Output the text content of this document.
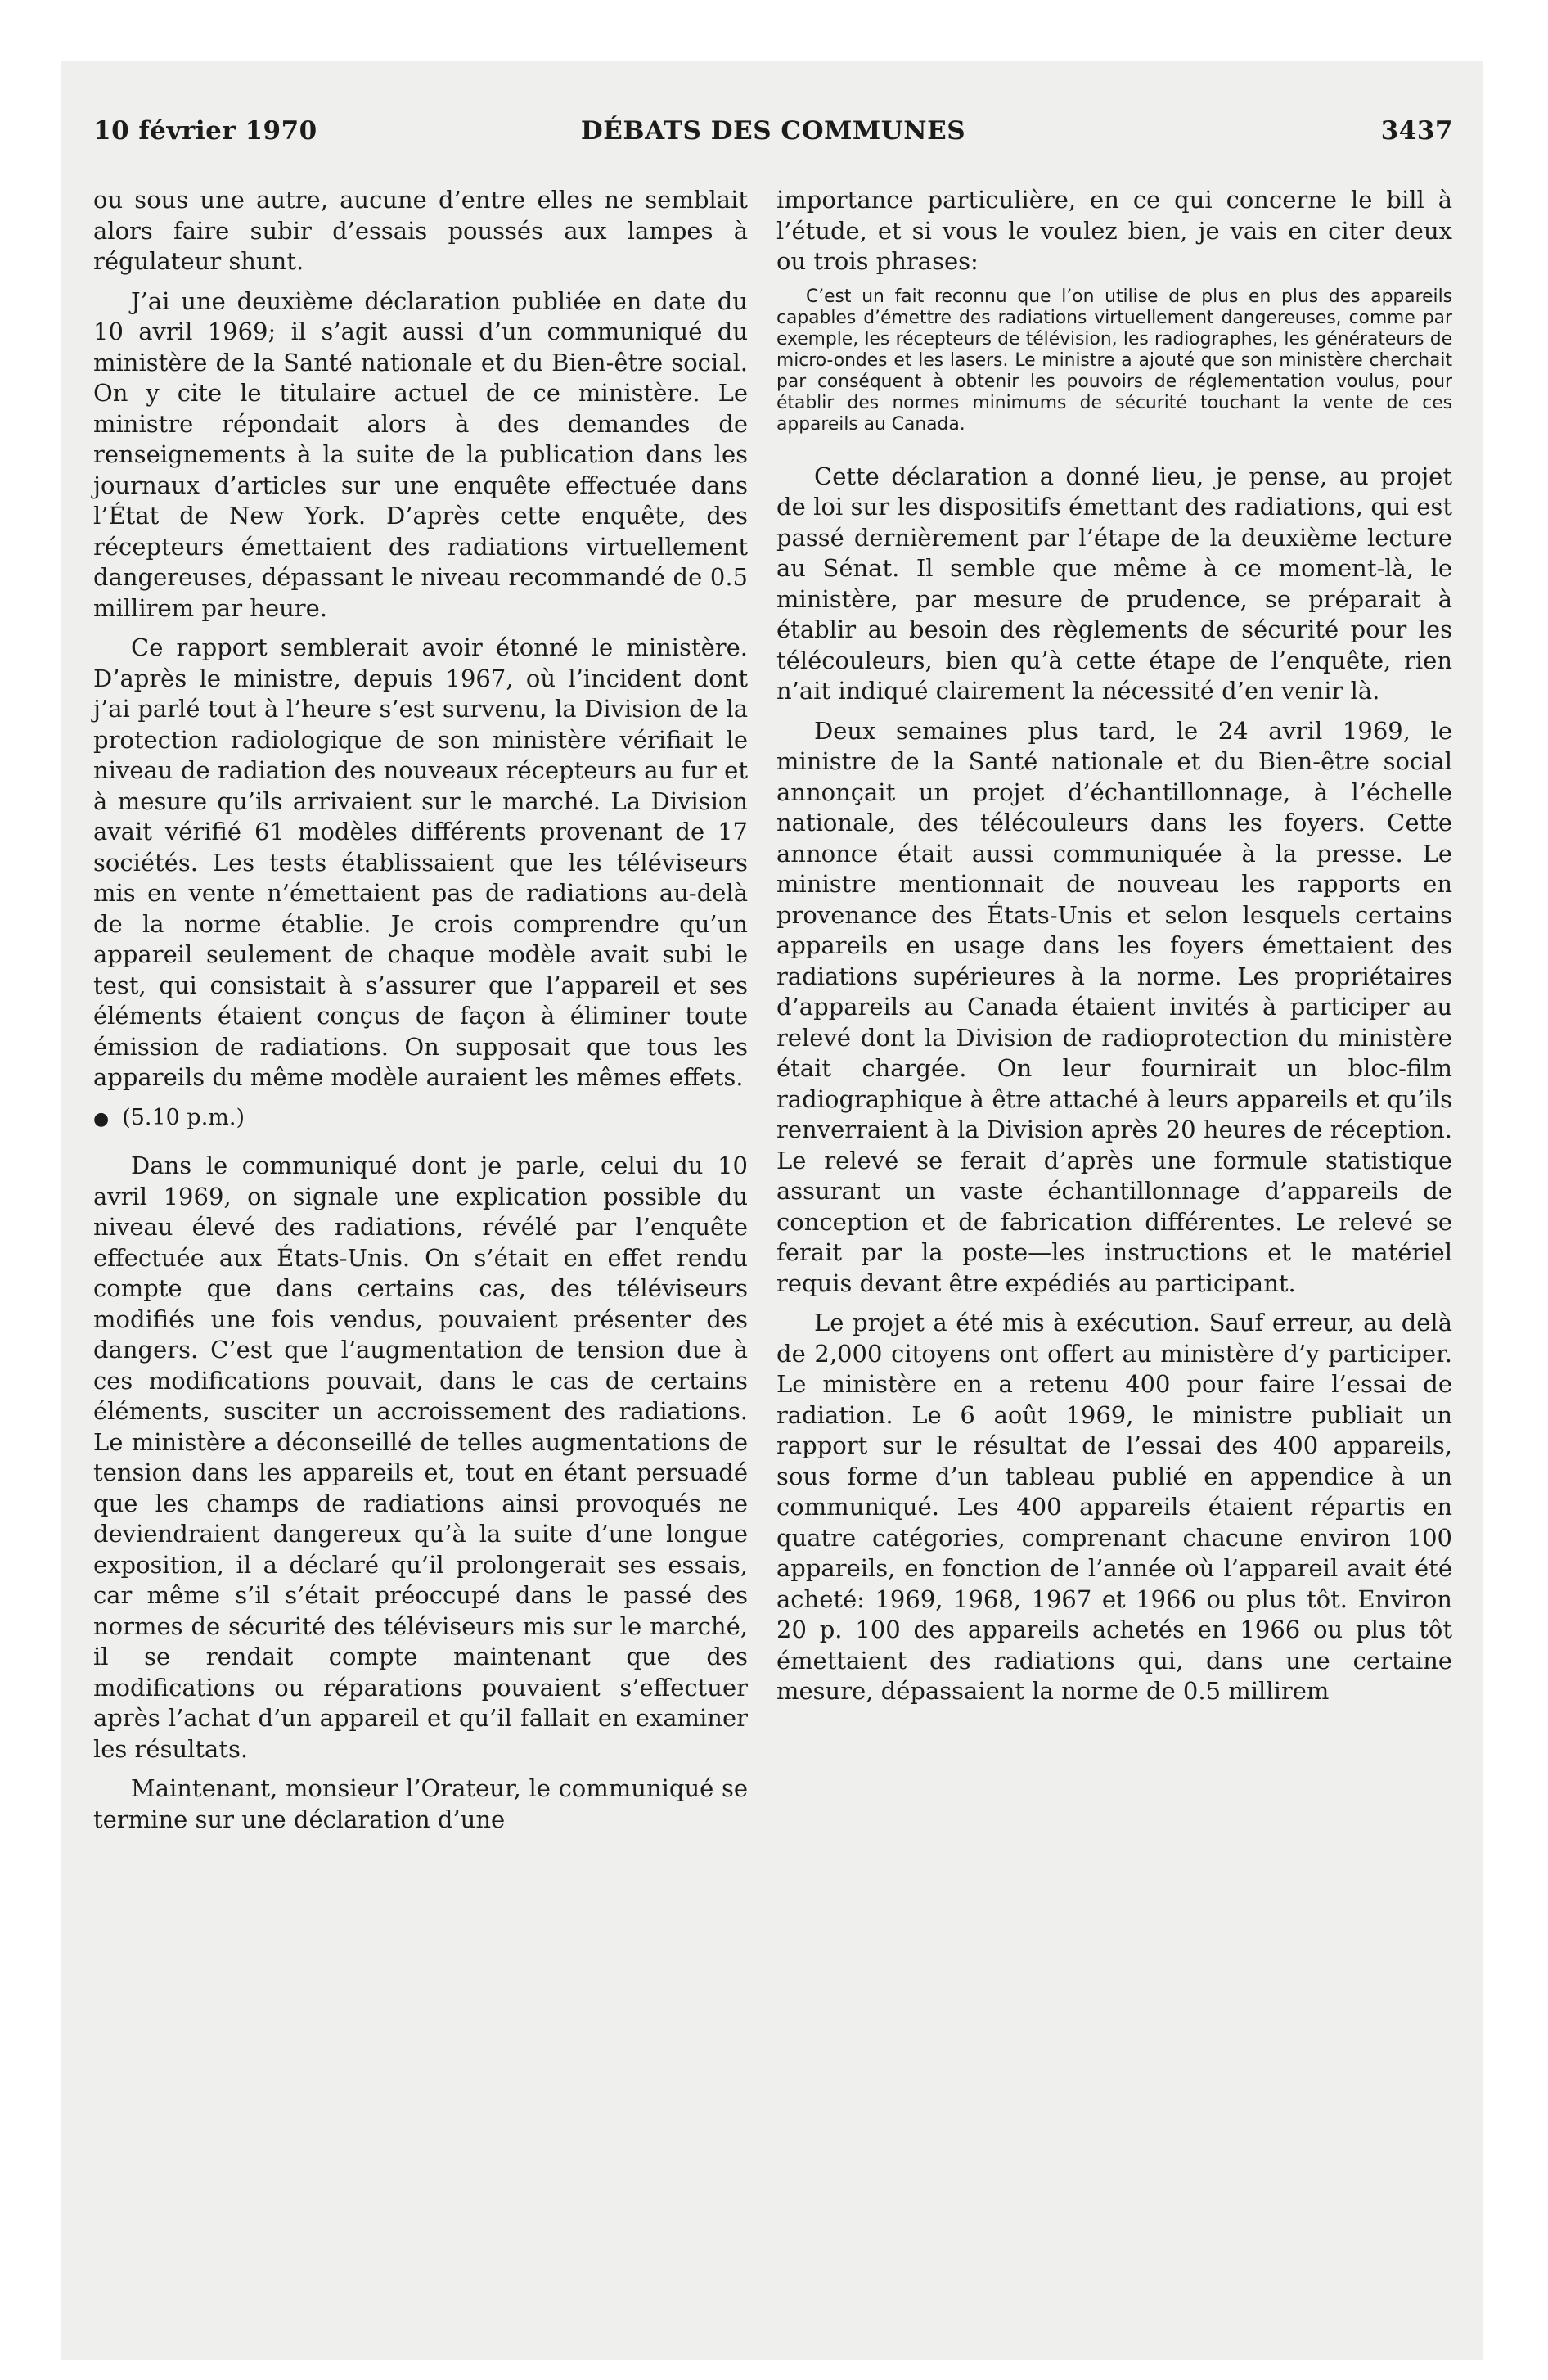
DÉBATS DES COMMUNES
10 février 1970	3437

ou sous une autre, aucune d’entre elles ne semblait alors faire subir d’essais poussés aux lampes à régulateur shunt.

J’ai une deuxième déclaration publiée en date du 10 avril 1969; il s’agit aussi d’un communiqué du ministère de la Santé nationale et du Bien-être social. On y cite le titulaire actuel de ce ministère. Le ministre répondait alors à des demandes de renseignements à la suite de la publication dans les journaux d’articles sur une enquête effectuée dans l’État de New York. D’après cette enquête, des récepteurs émettaient des radiations virtuellement dangereuses, dépassant le niveau recommandé de 0.5 millirem par heure.

Ce rapport semblerait avoir étonné le ministère. D’après le ministre, depuis 1967, où l’incident dont j’ai parlé tout à l’heure s’est survenu, la Division de la protection radiologique de son ministère vérifiait le niveau de radiation des nouveaux récepteurs au fur et à mesure qu’ils arrivaient sur le marché. La Division avait vérifié 61 modèles différents provenant de 17 sociétés. Les tests établissaient que les téléviseurs mis en vente n’émettaient pas de radiations au-delà de la norme établie. Je crois comprendre qu’un appareil seulement de chaque modèle avait subi le test, qui consistait à s’assurer que l’appareil et ses éléments étaient conçus de façon à éliminer toute émission de radiations. On supposait que tous les appareils du même modèle auraient les mêmes effets.

● (5.10 p.m.)

Dans le communiqué dont je parle, celui du 10 avril 1969, on signale une explication possible du niveau élevé des radiations, révélé par l’enquête effectuée aux États-Unis. On s’était en effet rendu compte que dans certains cas, des téléviseurs modifiés une fois vendus, pouvaient présenter des dangers. C’est que l’augmentation de tension due à ces modifications pouvait, dans le cas de certains éléments, susciter un accroissement des radiations. Le ministère a déconseillé de telles augmentations de tension dans les appareils et, tout en étant persuadé que les champs de radiations ainsi provoqués ne deviendraient dangereux qu’à la suite d’une longue exposition, il a déclaré qu’il prolongerait ses essais, car même s’il s’était préoccupé dans le passé des normes de sécurité des téléviseurs mis sur le marché, il se rendait compte maintenant que des modifications ou réparations pouvaient s’effectuer après l’achat d’un appareil et qu’il fallait en examiner les résultats.

Maintenant, monsieur l’Orateur, le communiqué se termine sur une déclaration d’une

importance particulière, en ce qui concerne le bill à l’étude, et si vous le voulez bien, je vais en citer deux ou trois phrases:

C’est un fait reconnu que l’on utilise de plus en plus des appareils capables d’émettre des radiations virtuellement dangereuses, comme par exemple, les récepteurs de télévision, les radiographes, les générateurs de micro-ondes et les lasers. Le ministre a ajouté que son ministère cherchait par conséquent à obtenir les pouvoirs de réglementation voulus, pour établir des normes minimums de sécurité touchant la vente de ces appareils au Canada.

Cette déclaration a donné lieu, je pense, au projet de loi sur les dispositifs émettant des radiations, qui est passé dernièrement par l’étape de la deuxième lecture au Sénat. Il semble que même à ce moment-là, le ministère, par mesure de prudence, se préparait à établir au besoin des règlements de sécurité pour les télécouleurs, bien qu’à cette étape de l’enquête, rien n’ait indiqué clairement la nécessité d’en venir là.

Deux semaines plus tard, le 24 avril 1969, le ministre de la Santé nationale et du Bien-être social annonçait un projet d’échantillonnage, à l’échelle nationale, des télécouleurs dans les foyers. Cette annonce était aussi communiquée à la presse. Le ministre mentionnait de nouveau les rapports en provenance des États-Unis et selon lesquels certains appareils en usage dans les foyers émettaient des radiations supérieures à la norme. Les propriétaires d’appareils au Canada étaient invités à participer au relevé dont la Division de radioprotection du ministère était chargée. On leur fournirait un bloc-film radiographique à être attaché à leurs appareils et qu’ils renverraient à la Division après 20 heures de réception. Le relevé se ferait d’après une formule statistique assurant un vaste échantillonnage d’appareils de conception et de fabrication différentes. Le relevé se ferait par la poste—les instructions et le matériel requis devant être expédiés au participant.

Le projet a été mis à exécution. Sauf erreur, au delà de 2,000 citoyens ont offert au ministère d’y participer. Le ministère en a retenu 400 pour faire l’essai de radiation. Le 6 août 1969, le ministre publiait un rapport sur le résultat de l’essai des 400 appareils, sous forme d’un tableau publié en appendice à un communiqué. Les 400 appareils étaient répartis en quatre catégories, comprenant chacune environ 100 appareils, en fonction de l’année où l’appareil avait été acheté: 1969, 1968, 1967 et 1966 ou plus tôt. Environ 20 p. 100 des appareils achetés en 1966 ou plus tôt émettaient des radiations qui, dans une certaine mesure, dépassaient la norme de 0.5 millirem
